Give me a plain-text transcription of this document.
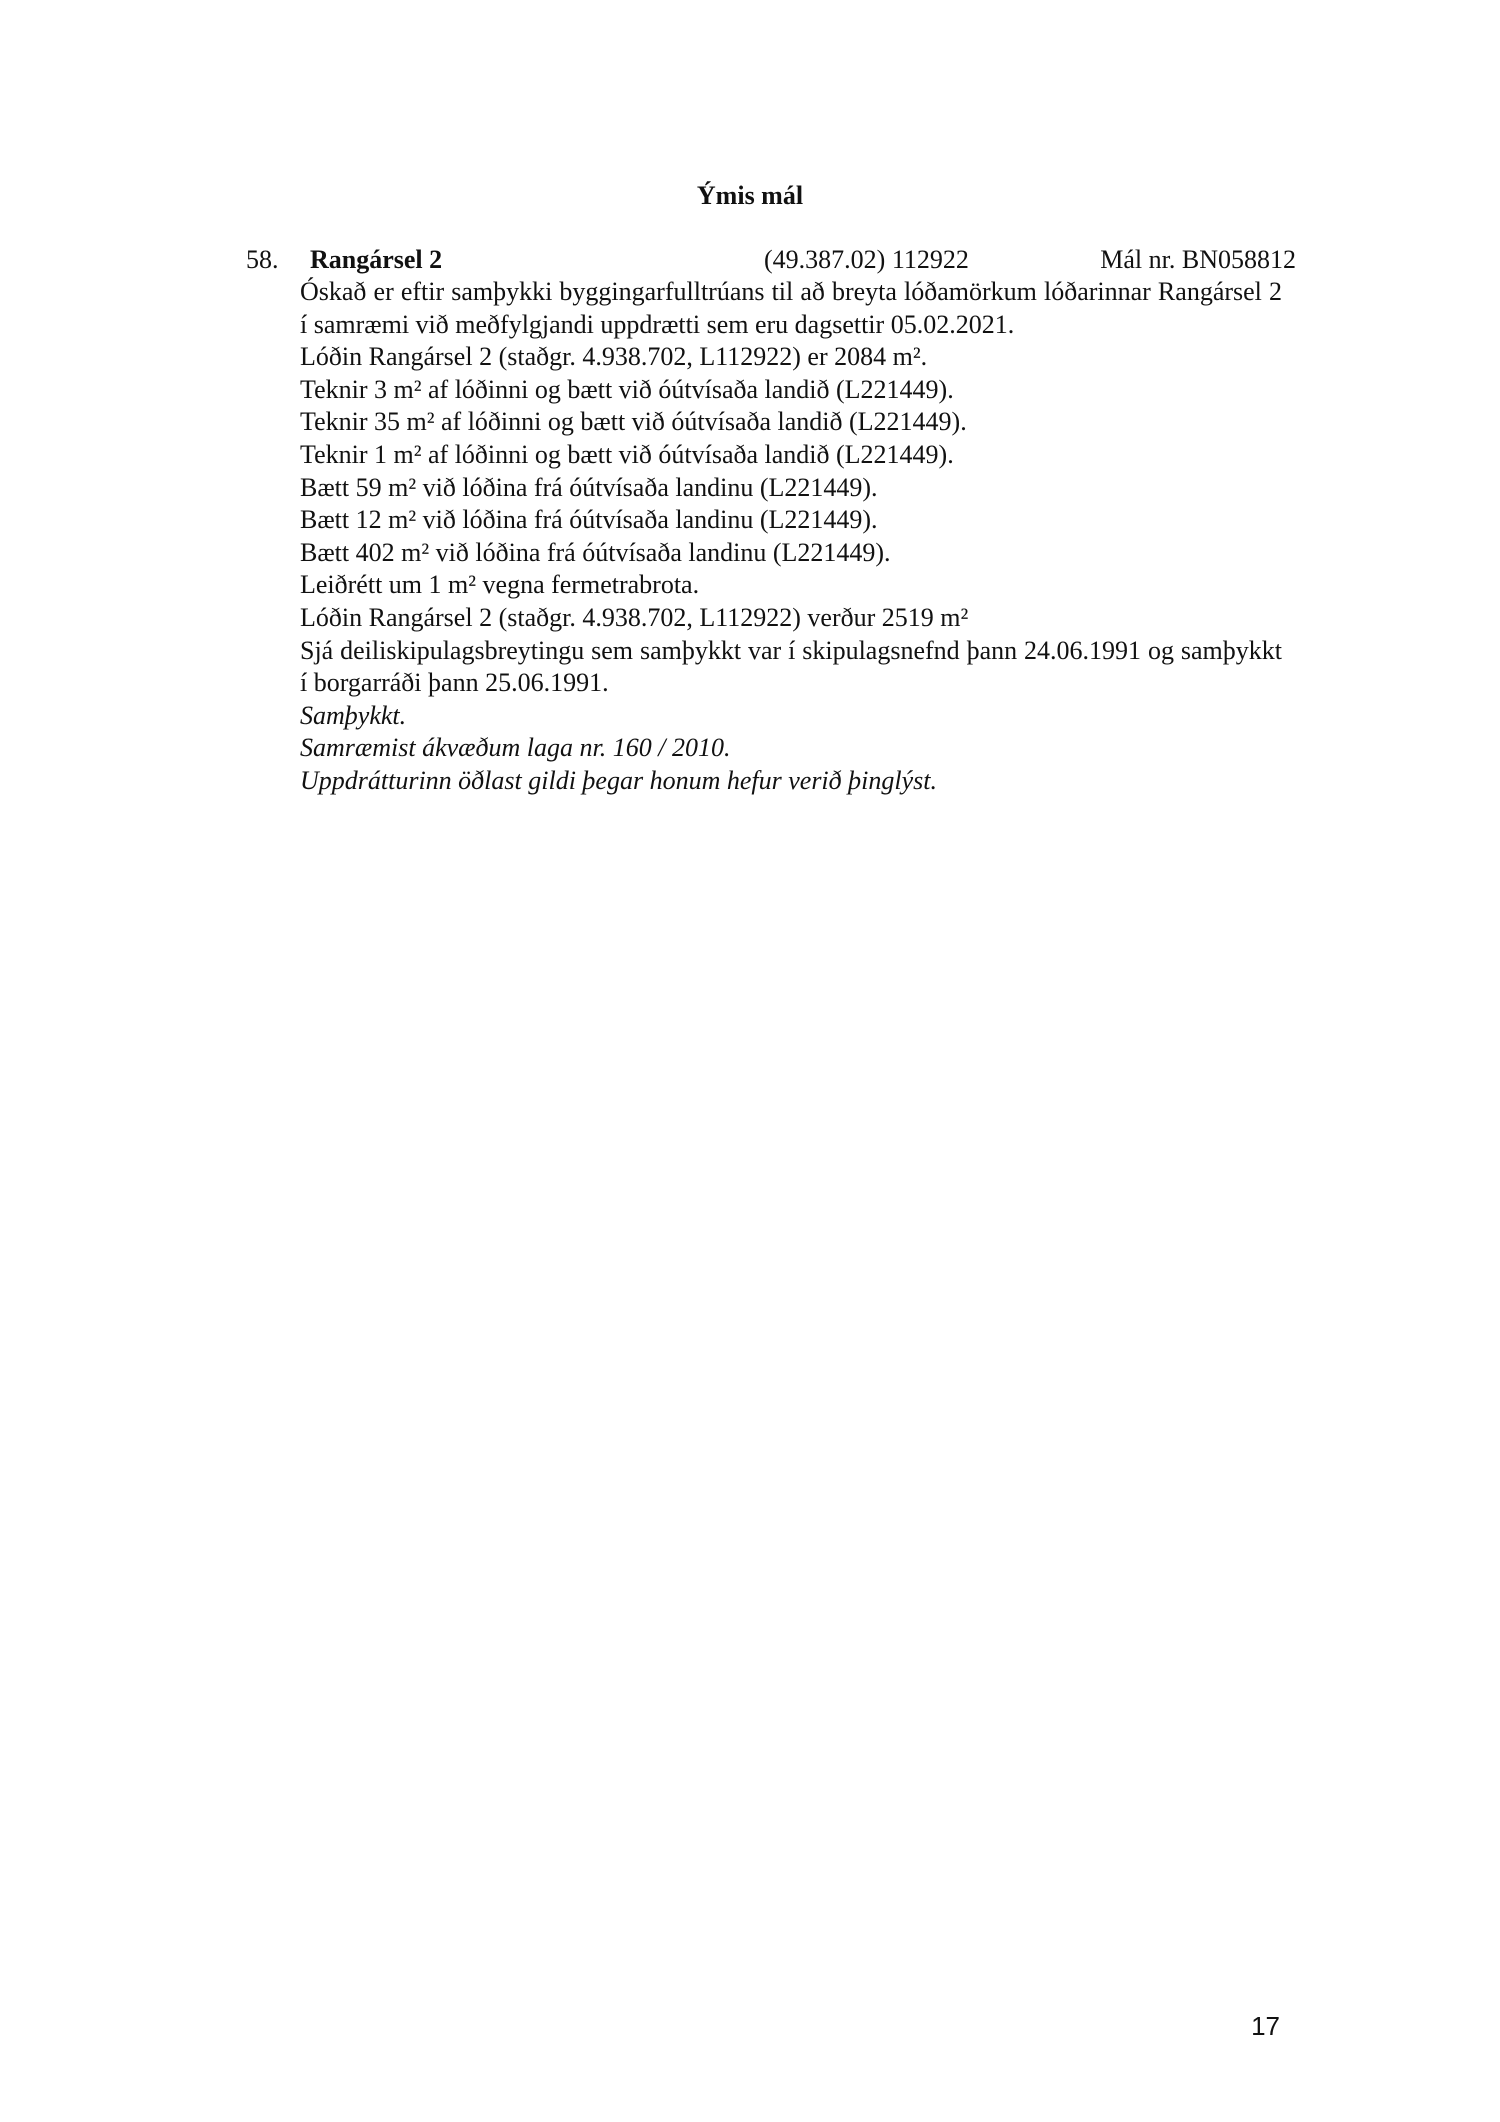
Ýmis mál
58. Rangársel 2	(49.387.02) 112922	Mál nr. BN058812

Óskað er eftir samþykki byggingarfulltrúans til að breyta lóðamörkum lóðarinnar Rangársel 2 í samræmi við meðfylgjandi uppdrætti sem eru dagsettir 05.02.2021.

Lóðin Rangársel 2 (staðgr. 4.938.702, L112922) er 2084 m².

Teknir 3 m² af lóðinni og bætt við óútvísaða landið (L221449).

Teknir 35 m² af lóðinni og bætt við óútvísaða landið (L221449).

Teknir 1 m² af lóðinni og bætt við óútvísaða landið (L221449).

Bætt 59 m² við lóðina frá óútvísaða landinu (L221449).

Bætt 12 m² við lóðina frá óútvísaða landinu (L221449).

Bætt 402 m² við lóðina frá óútvísaða landinu (L221449).

Leiðrétt um 1 m² vegna fermetrabrota.

Lóðin Rangársel 2 (staðgr. 4.938.702, L112922) verður 2519 m²

Sjá deiliskipulagsbreytingu sem samþykkt var í skipulagsnefnd þann 24.06.1991 og samþykkt í borgarráði þann 25.06.1991.

Samþykkt.

Samræmist ákvæðum laga nr. 160 / 2010.

Uppdrátturinn öðlast gildi þegar honum hefur verið þinglýst.

17
